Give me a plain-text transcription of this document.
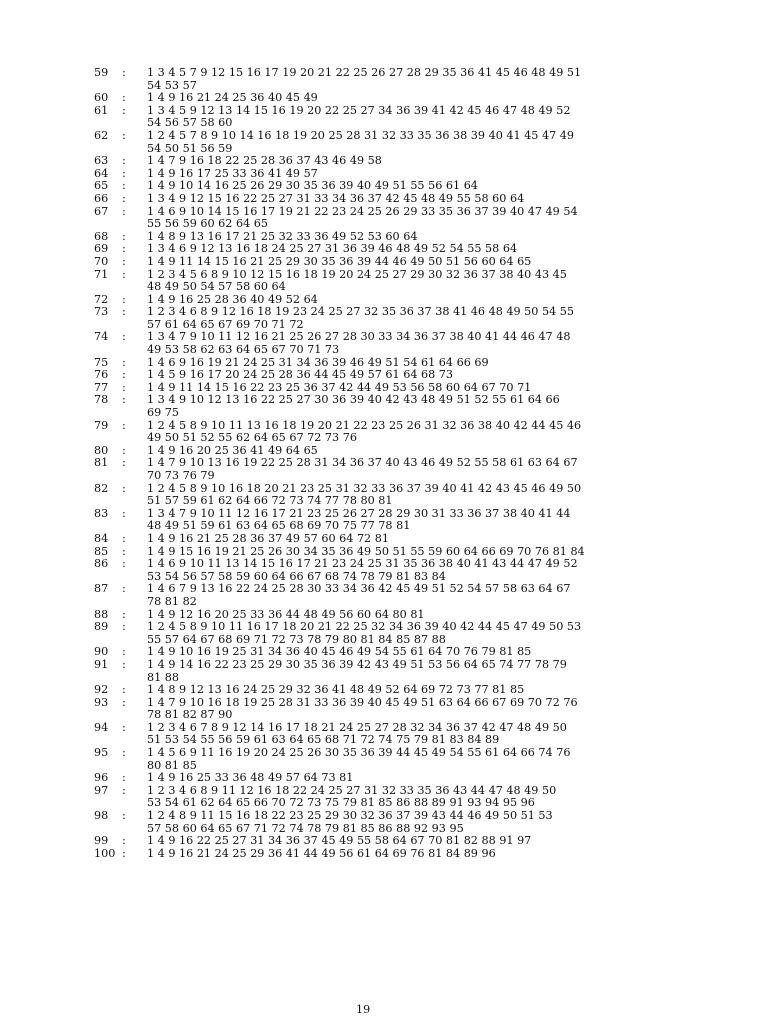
59	:	1 3 4 5 7 9 12 15 16 17 19 20 21 22 25 26 27 28 29 35 36 41 45 46 48 49 51
54 53 57
60	:	1 4 9 16 21 24 25 36 40 45 49
61	:	1 3 4 5 9 12 13 14 15 16 19 20 22 25 27 34 36 39 41 42 45 46 47 48 49 52
54 56 57 58 60
62	:	1 2 4 5 7 8 9 10 14 16 18 19 20 25 28 31 32 33 35 36 38 39 40 41 45 47 49
54 50 51 56 59
63	:	1 4 7 9 16 18 22 25 28 36 37 43 46 49 58
64	:	1 4 9 16 17 25 33 36 41 49 57
65	:	1 4 9 10 14 16 25 26 29 30 35 36 39 40 49 51 55 56 61 64
66	:	1 3 4 9 12 15 16 22 25 27 31 33 34 36 37 42 45 48 49 55 58 60 64
67	:	1 4 6 9 10 14 15 16 17 19 21 22 23 24 25 26 29 33 35 36 37 39 40 47 49 54
55 56 59 60 62 64 65
68	:	1 4 8 9 13 16 17 21 25 32 33 36 49 52 53 60 64
69	:	1 3 4 6 9 12 13 16 18 24 25 27 31 36 39 46 48 49 52 54 55 58 64
70	:	1 4 9 11 14 15 16 21 25 29 30 35 36 39 44 46 49 50 51 56 60 64 65
71	:	1 2 3 4 5 6 8 9 10 12 15 16 18 19 20 24 25 27 29 30 32 36 37 38 40 43 45
48 49 50 54 57 58 60 64
72	:	1 4 9 16 25 28 36 40 49 52 64
73	:	1 2 3 4 6 8 9 12 16 18 19 23 24 25 27 32 35 36 37 38 41 46 48 49 50 54 55
57 61 64 65 67 69 70 71 72
74	:	1 3 4 7 9 10 11 12 16 21 25 26 27 28 30 33 34 36 37 38 40 41 44 46 47 48
49 53 58 62 63 64 65 67 70 71 73
75	:	1 4 6 9 16 19 21 24 25 31 34 36 39 46 49 51 54 61 64 66 69
76	:	1 4 5 9 16 17 20 24 25 28 36 44 45 49 57 61 64 68 73
77	:	1 4 9 11 14 15 16 22 23 25 36 37 42 44 49 53 56 58 60 64 67 70 71
78	:	1 3 4 9 10 12 13 16 22 25 27 30 36 39 40 42 43 48 49 51 52 55 61 64 66
69 75
79	:	1 2 4 5 8 9 10 11 13 16 18 19 20 21 22 23 25 26 31 32 36 38 40 42 44 45 46
49 50 51 52 55 62 64 65 67 72 73 76
80	:	1 4 9 16 20 25 36 41 49 64 65
81	:	1 4 7 9 10 13 16 19 22 25 28 31 34 36 37 40 43 46 49 52 55 58 61 63 64 67
70 73 76 79
82	:	1 2 4 5 8 9 10 16 18 20 21 23 25 31 32 33 36 37 39 40 41 42 43 45 46 49 50
51 57 59 61 62 64 66 72 73 74 77 78 80 81
83	:	1 3 4 7 9 10 11 12 16 17 21 23 25 26 27 28 29 30 31 33 36 37 38 40 41 44
48 49 51 59 61 63 64 65 68 69 70 75 77 78 81
84	:	1 4 9 16 21 25 28 36 37 49 57 60 64 72 81
85	:	1 4 9 15 16 19 21 25 26 30 34 35 36 49 50 51 55 59 60 64 66 69 70 76 81 84
86	:	1 4 6 9 10 11 13 14 15 16 17 21 23 24 25 31 35 36 38 40 41 43 44 47 49 52
53 54 56 57 58 59 60 64 66 67 68 74 78 79 81 83 84
87	:	1 4 6 7 9 13 16 22 24 25 28 30 33 34 36 42 45 49 51 52 54 57 58 63 64 67
78 81 82
88	:	1 4 9 12 16 20 25 33 36 44 48 49 56 60 64 80 81
89	:	1 2 4 5 8 9 10 11 16 17 18 20 21 22 25 32 34 36 39 40 42 44 45 47 49 50 53
55 57 64 67 68 69 71 72 73 78 79 80 81 84 85 87 88
90	:	1 4 9 10 16 19 25 31 34 36 40 45 46 49 54 55 61 64 70 76 79 81 85
91	:	1 4 9 14 16 22 23 25 29 30 35 36 39 42 43 49 51 53 56 64 65 74 77 78 79
81 88
92	:	1 4 8 9 12 13 16 24 25 29 32 36 41 48 49 52 64 69 72 73 77 81 85
93	:	1 4 7 9 10 16 18 19 25 28 31 33 36 39 40 45 49 51 63 64 66 67 69 70 72 76
78 81 82 87 90
94	:	1 2 3 4 6 7 8 9 12 14 16 17 18 21 24 25 27 28 32 34 36 37 42 47 48 49 50
51 53 54 55 56 59 61 63 64 65 68 71 72 74 75 79 81 83 84 89
95	:	1 4 5 6 9 11 16 19 20 24 25 26 30 35 36 39 44 45 49 54 55 61 64 66 74 76
80 81 85
96	:	1 4 9 16 25 33 36 48 49 57 64 73 81
97	:	1 2 3 4 6 8 9 11 12 16 18 22 24 25 27 31 32 33 35 36 43 44 47 48 49 50
53 54 61 62 64 65 66 70 72 73 75 79 81 85 86 88 89 91 93 94 95 96
98	:	1 2 4 8 9 11 15 16 18 22 23 25 29 30 32 36 37 39 43 44 46 49 50 51 53
57 58 60 64 65 67 71 72 74 78 79 81 85 86 88 92 93 95
99	:	1 4 9 16 22 25 27 31 34 36 37 45 49 55 58 64 67 70 81 82 88 91 97
100 :	1 4 9 16 21 24 25 29 36 41 44 49 56 61 64 69 76 81 84 89 96
19
